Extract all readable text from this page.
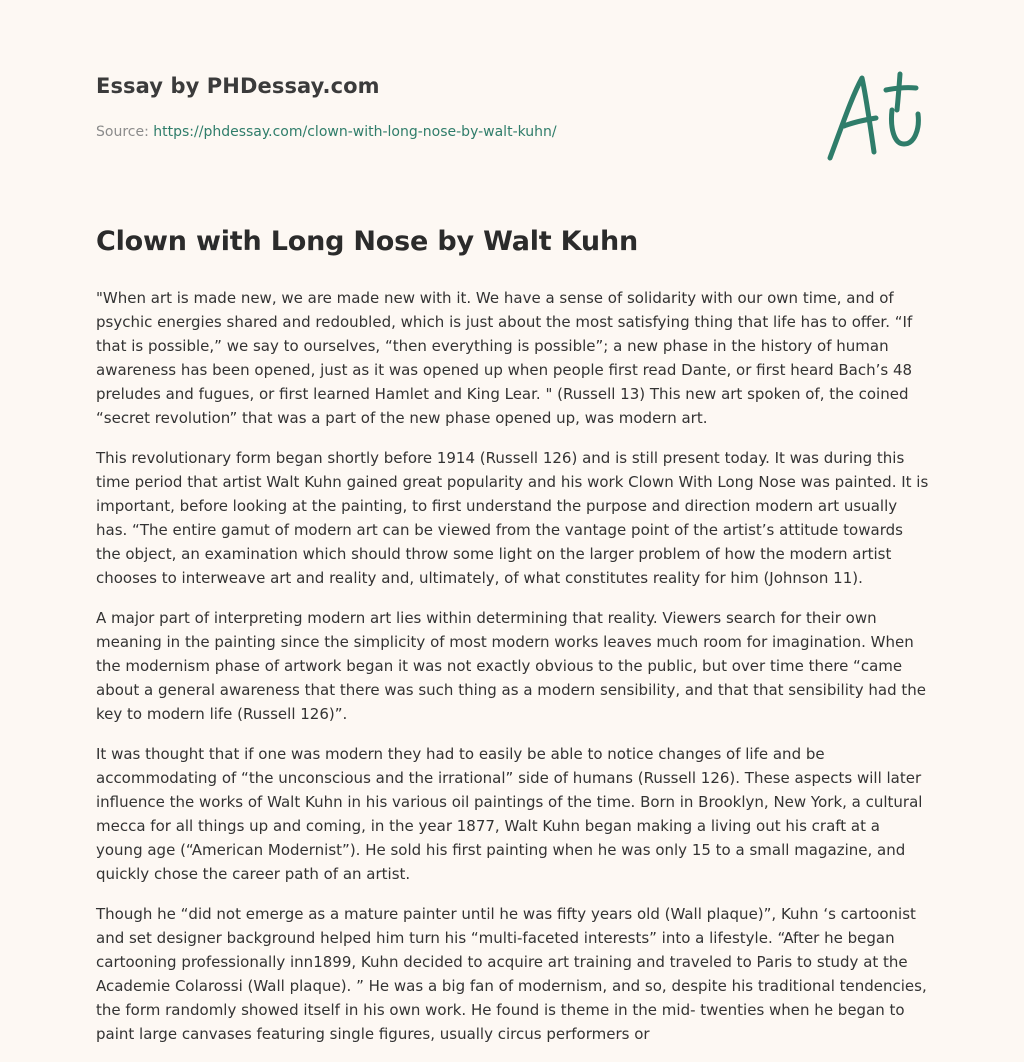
Essay by PHDessay.com
Source: https://phdessay.com/clown-with-long-nose-by-walt-kuhn/
Clown with Long Nose by Walt Kuhn

"When art is made new, we are made new with it. We have a sense of solidarity with our own time, and of psychic energies shared and redoubled, which is just about the most satisfying thing that life has to offer. “If that is possible,” we say to ourselves, “then everything is possible”; a new phase in the history of human awareness has been opened, just as it was opened up when people first read Dante, or first heard Bach’s 48 preludes and fugues, or first learned Hamlet and King Lear. " (Russell 13) This new art spoken of, the coined “secret revolution” that was a part of the new phase opened up, was modern art.

This revolutionary form began shortly before 1914 (Russell 126) and is still present today. It was during this time period that artist Walt Kuhn gained great popularity and his work Clown With Long Nose was painted. It is important, before looking at the painting, to first understand the purpose and direction modern art usually has. “The entire gamut of modern art can be viewed from the vantage point of the artist’s attitude towards the object, an examination which should throw some light on the larger problem of how the modern artist chooses to interweave art and reality and, ultimately, of what constitutes reality for him (Johnson 11).

A major part of interpreting modern art lies within determining that reality. Viewers search for their own meaning in the painting since the simplicity of most modern works leaves much room for imagination. When the modernism phase of artwork began it was not exactly obvious to the public, but over time there “came about a general awareness that there was such thing as a modern sensibility, and that that sensibility had the key to modern life (Russell 126)”.

It was thought that if one was modern they had to easily be able to notice changes of life and be accommodating of “the unconscious and the irrational” side of humans (Russell 126). These aspects will later influence the works of Walt Kuhn in his various oil paintings of the time. Born in Brooklyn, New York, a cultural mecca for all things up and coming, in the year 1877, Walt Kuhn began making a living out his craft at a young age (“American Modernist”). He sold his first painting when he was only 15 to a small magazine, and quickly chose the career path of an artist.

Though he “did not emerge as a mature painter until he was fifty years old (Wall plaque)”, Kuhn ‘s cartoonist and set designer background helped him turn his “multi-faceted interests” into a lifestyle. “After he began cartooning professionally inn1899, Kuhn decided to acquire art training and traveled to Paris to study at the Academie Colarossi (Wall plaque). ” He was a big fan of modernism, and so, despite his traditional tendencies, the form randomly showed itself in his own work. He found is theme in the mid- twenties when he began to paint large canvases featuring single figures, usually circus performers or
